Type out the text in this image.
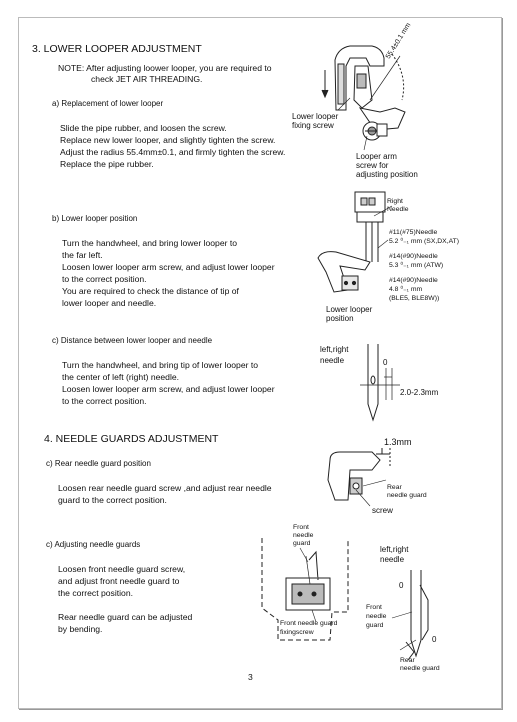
3. LOWER LOOPER ADJUSTMENT
NOTE: After adjusting loower looper, you are required to
check JET AIR THREADING.
a) Replacement of lower looper
Slide the pipe rubber, and loosen the screw.
Replace new lower looper, and slightly tighten the screw.
Adjust the radius 55.4mm±0.1, and firmly tighten the screw.
Replace the pipe rubber.
55.4±0.1 mm
Lower looper
fixing screw
Looper arm
screw for
adjusting position
b) Lower looper position
Turn the handwheel, and bring lower looper to
the far left.
Loosen lower looper arm screw, and adjust lower looper
to the correct position.
You are required to check the distance of tip of
lower looper and needle.
Right
Needle
#11(#75)Needle
5.2 ⁰₋₁ mm (SX,DX,AT)
#14(#90)Needle
5.3 ⁰₋₁ mm (ATW)
#14(#90)Needle
4.8 ⁰₋₁ mm
(BLE5, BLE8W))
Lower looper
position
c) Distance between lower looper and needle
Turn the handwheel, and bring tip of lower looper to
the center of left (right) needle.
Loosen lower looper arm screw, and adjust lower looper
to the correct position.
left,right
needle	0
2.0-2.3mm
4. NEEDLE GUARDS ADJUSTMENT
c) Rear needle guard position
Loosen rear needle guard screw ,and adjust rear needle
guard to the correct position.
1.3mm
Rear
needle guard
screw
c) Adjusting needle guards
Loosen front needle guard screw,
and adjust front needle guard to
the correct position.
Rear needle guard can be adjusted
by bending.
Front
needle
guard
Front needle guard
fixingscrew
left,right
needle
0
Front
needle
guard
0
Rear
needle guard
3
